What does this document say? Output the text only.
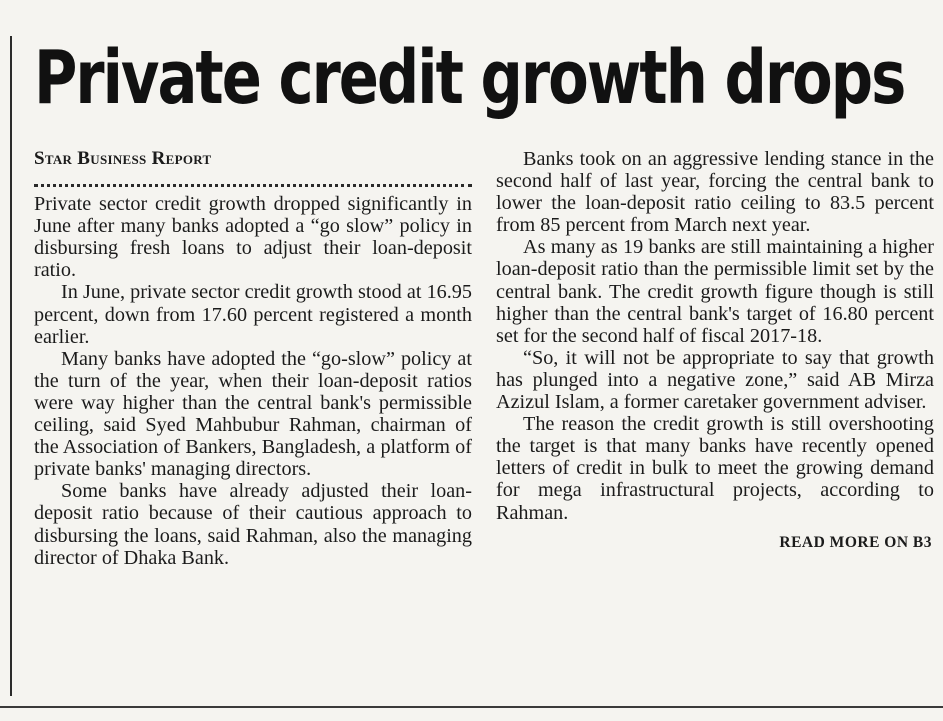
Private credit growth drops
Star Business Report

Private sector credit growth dropped significantly in June after many banks adopted a “go slow” policy in disbursing fresh loans to adjust their loan-deposit ratio.

In June, private sector credit growth stood at 16.95 percent, down from 17.60 percent registered a month earlier.

Many banks have adopted the “go-slow” policy at the turn of the year, when their loan-deposit ratios were way higher than the central bank's permissible ceiling, said Syed Mahbubur Rahman, chairman of the Association of Bankers, Bangladesh, a platform of private banks' managing directors.

Some banks have already adjusted their loan-deposit ratio because of their cautious approach to disbursing the loans, said Rahman, also the managing director of Dhaka Bank.

Banks took on an aggressive lending stance in the second half of last year, forcing the central bank to lower the loan-deposit ratio ceiling to 83.5 percent from 85 percent from March next year.

As many as 19 banks are still maintaining a higher loan-deposit ratio than the permissible limit set by the central bank. The credit growth figure though is still higher than the central bank's target of 16.80 percent set for the second half of fiscal 2017-18.

“So, it will not be appropriate to say that growth has plunged into a negative zone,” said AB Mirza Azizul Islam, a former caretaker government adviser.

The reason the credit growth is still overshooting the target is that many banks have recently opened letters of credit in bulk to meet the growing demand for mega infrastructural projects, according to Rahman.

READ MORE ON B3
